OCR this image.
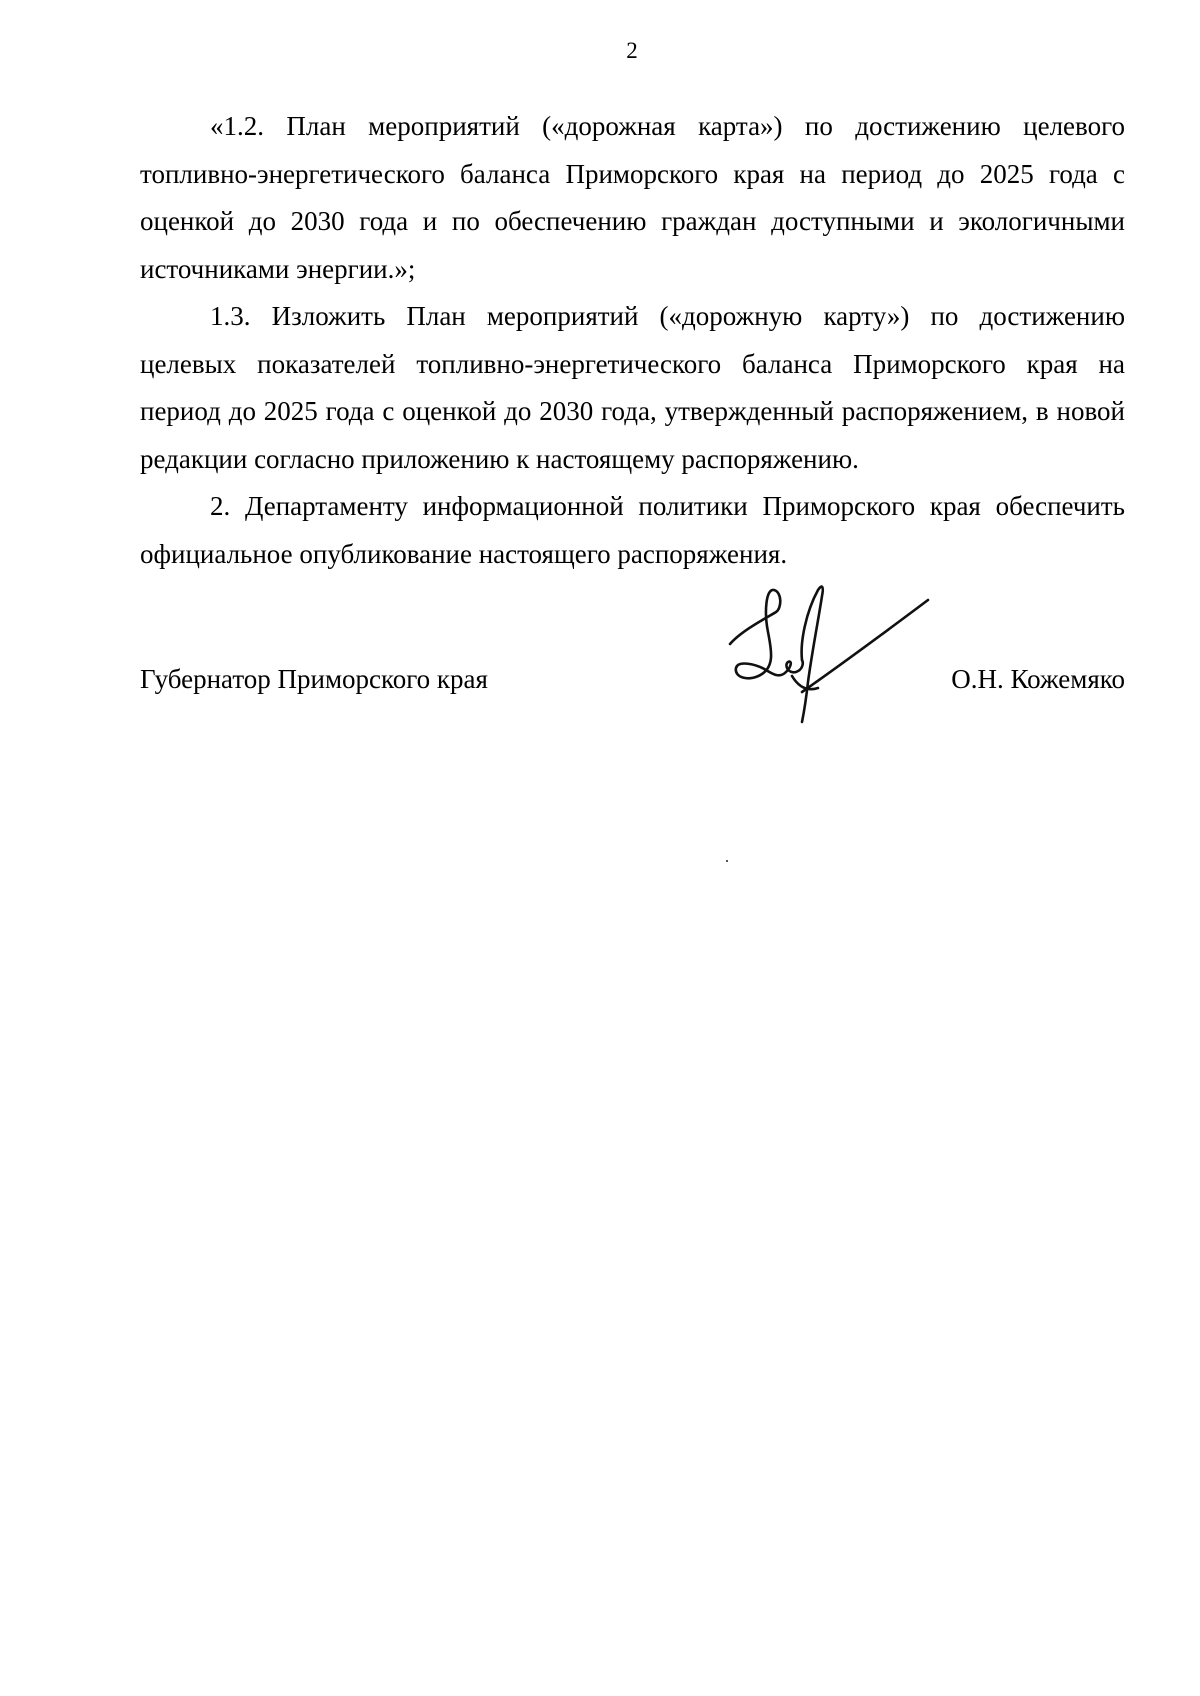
2

«1.2. План мероприятий («дорожная карта») по достижению целевого топливно-энергетического баланса Приморского края на период до 2025 года с оценкой до 2030 года и по обеспечению граждан доступными и экологичными источниками энергии.»;

1.3. Изложить План мероприятий («дорожную карту») по достижению целевых показателей топливно-энергетического баланса Приморского края на период до 2025 года с оценкой до 2030 года, утвержденный распоряжением, в новой редакции согласно приложению к настоящему распоряжению.

2. Департаменту информационной политики Приморского края обеспечить официальное опубликование настоящего распоряжения.

Губернатор Приморского края	О.Н. Кожемяко
